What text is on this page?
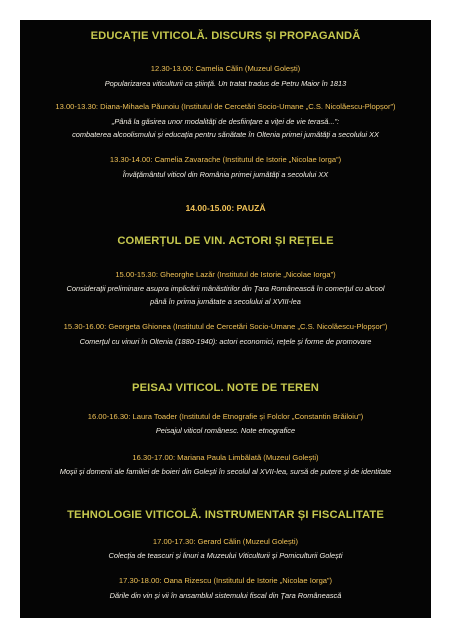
EDUCAȚIE VITICOLĂ. DISCURS ȘI PROPAGANDĂ
12.30-13.00: Camelia Călin (Muzeul Golești)
Popularizarea viticulturii ca știință. Un tratat tradus de Petru Maior în 1813
13.00-13.30: Diana-Mihaela Păunoiu (Institutul de Cercetări Socio-Umane „C.S. Nicolăescu-Plopșor”)
„Până la găsirea unor modalități de desființare a viței de vie terasă...”:
combaterea alcoolismului și educația pentru sănătate în Oltenia primei jumătăți a secolului XX
13.30-14.00: Camelia Zavarache (Institutul de Istorie „Nicolae Iorga”)
Învățământul viticol din România primei jumătăți a secolului XX
14.00-15.00: PAUZĂ
COMERȚUL DE VIN. ACTORI ȘI REȚELE
15.00-15.30: Gheorghe Lazăr (Institutul de Istorie „Nicolae Iorga”)
Considerații preliminare asupra implicării mânăstirilor din Țara Românească în comerțul cu alcool
până în prima jumătate a secolului al XVIII-lea
15.30-16.00: Georgeta Ghionea (Institutul de Cercetări Socio-Umane „C.S. Nicolăescu-Plopșor”)
Comerțul cu vinuri în Oltenia (1880-1940): actori economici, rețele și forme de promovare
PEISAJ VITICOL. NOTE DE TEREN
16.00-16.30: Laura Toader (Institutul de Etnografie și Folclor „Constantin Brăiloiu”)
Peisajul viticol românesc. Note etnografice
16.30-17.00: Mariana Paula Limbălată (Muzeul Golești)
Moșii și domenii ale familiei de boieri din Golești în secolul al XVII-lea, sursă de putere și de identitate
TEHNOLOGIE VITICOLĂ. INSTRUMENTAR ȘI FISCALITATE
17.00-17.30: Gerard Călin (Muzeul Golești)
Colecția de teascuri și linuri a Muzeului Viticulturii și Pomiculturii Golești
17.30-18.00: Oana Rizescu (Institutul de Istorie „Nicolae Iorga”)
Dările din vin și vii în ansamblul sistemului fiscal din Țara Românească
